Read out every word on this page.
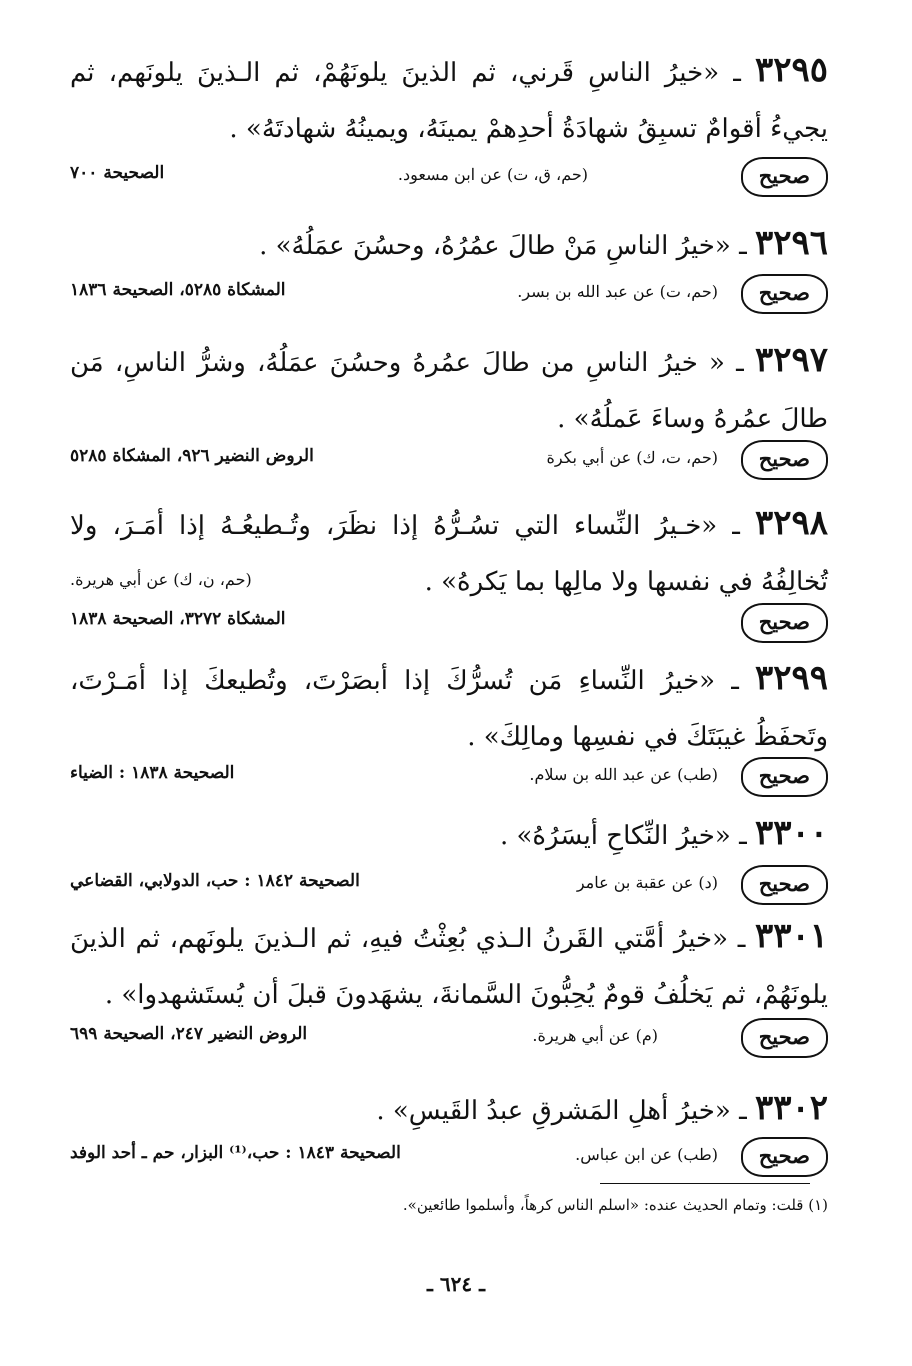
٣٢٩٥ ـ «خيرُ الناسِ قَرني، ثم الذينَ يلونَهُمْ، ثم الـذينَ يلونَهم، ثم يجيءُ أقوامٌ تسبِقُ شهادَةُ أحدِهمْ يمينَهُ، ويمينُهُ شهادتَهُ» .

صحيح
(حم، ق، ت) عن ابن مسعود.
الصحيحة ٧٠٠

٣٢٩٦ ـ «خيرُ الناسِ مَنْ طالَ عمُرُهُ، وحسُنَ عمَلُهُ» .

صحيح
(حم، ت) عن عبد الله بن بسر.
المشكاة ٥٢٨٥، الصحيحة ١٨٣٦

٣٢٩٧ ـ « خيرُ الناسِ من طالَ عمُرهُ وحسُنَ عمَلُهُ، وشرُّ الناسِ، مَن طالَ عمُرهُ وساءَ عَملُهُ» .

صحيح
(حم، ت، ك) عن أبي بكرة
الروض النضير ٩٢٦، المشكاة ٥٢٨٥

٣٢٩٨ ـ «خـيرُ النِّساء التي تسُـرُّهُ إذا نظَرَ، وتُـطيعُـهُ إذا أمَـرَ، ولا تُخالِفُهُ في نفسها ولا مالِها بما يَكرهُ» .

(حم، ن، ك) عن أبي هريرة.
صحيح
المشكاة ٣٢٧٢، الصحيحة ١٨٣٨

٣٢٩٩ ـ «خيرُ النِّساءِ مَن تُسرُّكَ إذا أبصَرْتَ، وتُطيعكَ إذا أمَـرْتَ، وتَحفَظُ غيبَتَكَ في نفسِها ومالِكَ» .

صحيح
(طب) عن عبد الله بن سلام.
الصحيحة ١٨٣٨ : الضياء

٣٣٠٠ ـ «خيرُ النِّكاحِ أيسَرُهُ» .

صحيح
(د) عن عقبة بن عامر
الصحيحة ١٨٤٢ : حب، الدولابي، القضاعي

٣٣٠١ ـ «خيرُ أمَّتي القَرنُ الـذي بُعِثْتُ فيهِ، ثم الـذينَ يلونَهم، ثم الذينَ يلونَهُمْ، ثم يَخلُفُ قومٌ يُحِبُّونَ السَّمانةَ، يشهَدونَ قبلَ أن يُستَشهدوا» .

صحيح
(م) عن أبي هريرة.
الروض النضير ٢٤٧، الصحيحة ٦٩٩

٣٣٠٢ ـ «خيرُ أهلِ المَشرقِ عبدُ القَيسِ» .

صحيح
(طب) عن ابن عباس.
الصحيحة ١٨٤٣ : حب،⁽¹⁾ البزار، حم ـ أحد الوفد
(١) قلت: وتمام الحديث عنده: «اسلم الناس كرهاً، وأسلموا طائعين».
ـ ٦٢٤ ـ
